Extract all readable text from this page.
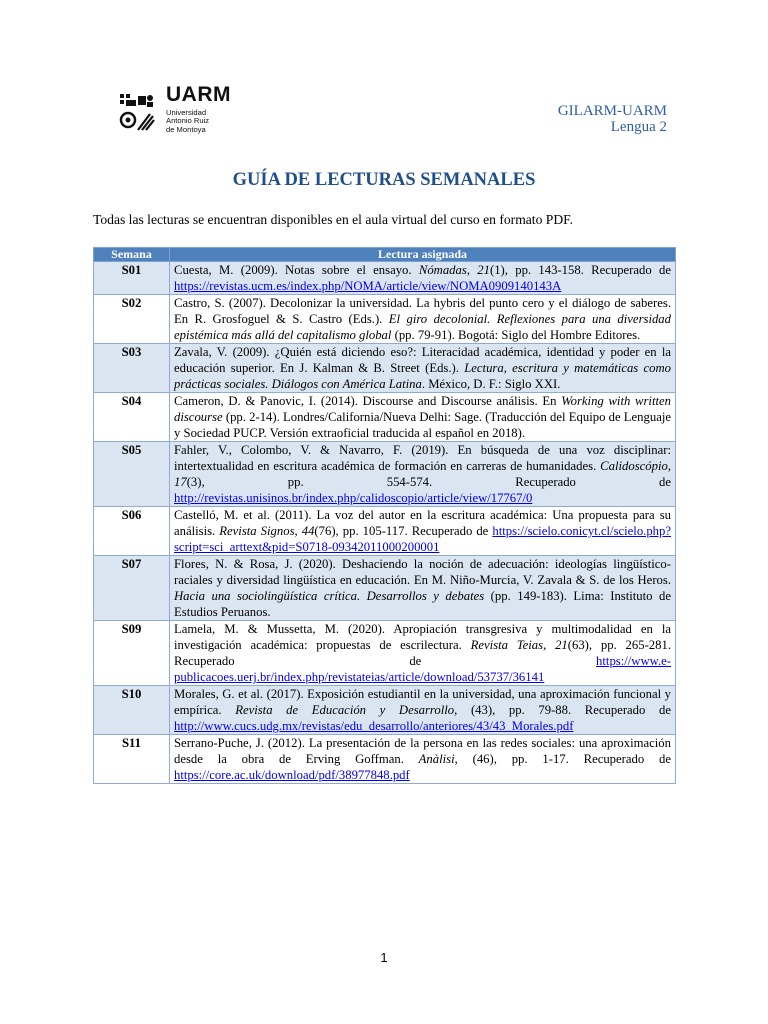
UARM
Universidad
Antonio Ruiz
de Montoya
GILARM-UARM
Lengua 2
GUÍA DE LECTURAS SEMANALES
Todas las lecturas se encuentran disponibles en el aula virtual del curso en formato PDF.
Semana	Lectura asignada
S01	Cuesta, M. (2009). Notas sobre el ensayo. Nómadas, 21(1), pp. 143-158. Recuperado de https://revistas.ucm.es/index.php/NOMA/article/view/NOMA0909140143A
S02	Castro, S. (2007). Decolonizar la universidad. La hybris del punto cero y el diálogo de saberes. En R. Grosfoguel & S. Castro (Eds.). El giro decolonial. Reflexiones para una diversidad epistémica más allá del capitalismo global (pp. 79-91). Bogotá: Siglo del Hombre Editores.
S03	Zavala, V. (2009). ¿Quién está diciendo eso?: Literacidad académica, identidad y poder en la educación superior. En J. Kalman & B. Street (Eds.). Lectura, escritura y matemáticas como prácticas sociales. Diálogos con América Latina. México, D. F.: Siglo XXI.
S04	Cameron, D. & Panovic, I. (2014). Discourse and Discourse análisis. En Working with written discourse (pp. 2-14). Londres/California/Nueva Delhi: Sage. (Traducción del Equipo de Lenguaje y Sociedad PUCP. Versión extraoficial traducida al español en 2018).
S05	Fahler, V., Colombo, V. & Navarro, F. (2019). En búsqueda de una voz disciplinar: intertextualidad en escritura académica de formación en carreras de humanidades. Calidoscópio, 17(3), pp. 554-574. Recuperado de http://revistas.unisinos.br/index.php/calidoscopio/article/view/17767/0
S06	Castelló, M. et al. (2011). La voz del autor en la escritura académica: Una propuesta para su análisis. Revista Signos, 44(76), pp. 105-117. Recuperado de https://scielo.conicyt.cl/scielo.php?script=sci_arttext&pid=S0718-09342011000200001
S07	Flores, N. & Rosa, J. (2020). Deshaciendo la noción de adecuación: ideologías lingüístico-raciales y diversidad lingüística en educación. En M. Niño-Murcia, V. Zavala & S. de los Heros. Hacia una sociolingüística crítica. Desarrollos y debates (pp. 149-183). Lima: Instituto de Estudios Peruanos.
S09	Lamela, M. & Mussetta, M. (2020). Apropiación transgresiva y multimodalidad en la investigación académica: propuestas de escrilectura. Revista Teias, 21(63), pp. 265-281. Recuperado de https://www.e-publicacoes.uerj.br/index.php/revistateias/article/download/53737/36141
S10	Morales, G. et al. (2017). Exposición estudiantil en la universidad, una aproximación funcional y empírica. Revista de Educación y Desarrollo, (43), pp. 79-88. Recuperado de http://www.cucs.udg.mx/revistas/edu_desarrollo/anteriores/43/43_Morales.pdf
S11	Serrano-Puche, J. (2012). La presentación de la persona en las redes sociales: una aproximación desde la obra de Erving Goffman. Anàlisi, (46), pp. 1-17. Recuperado de https://core.ac.uk/download/pdf/38977848.pdf
1
